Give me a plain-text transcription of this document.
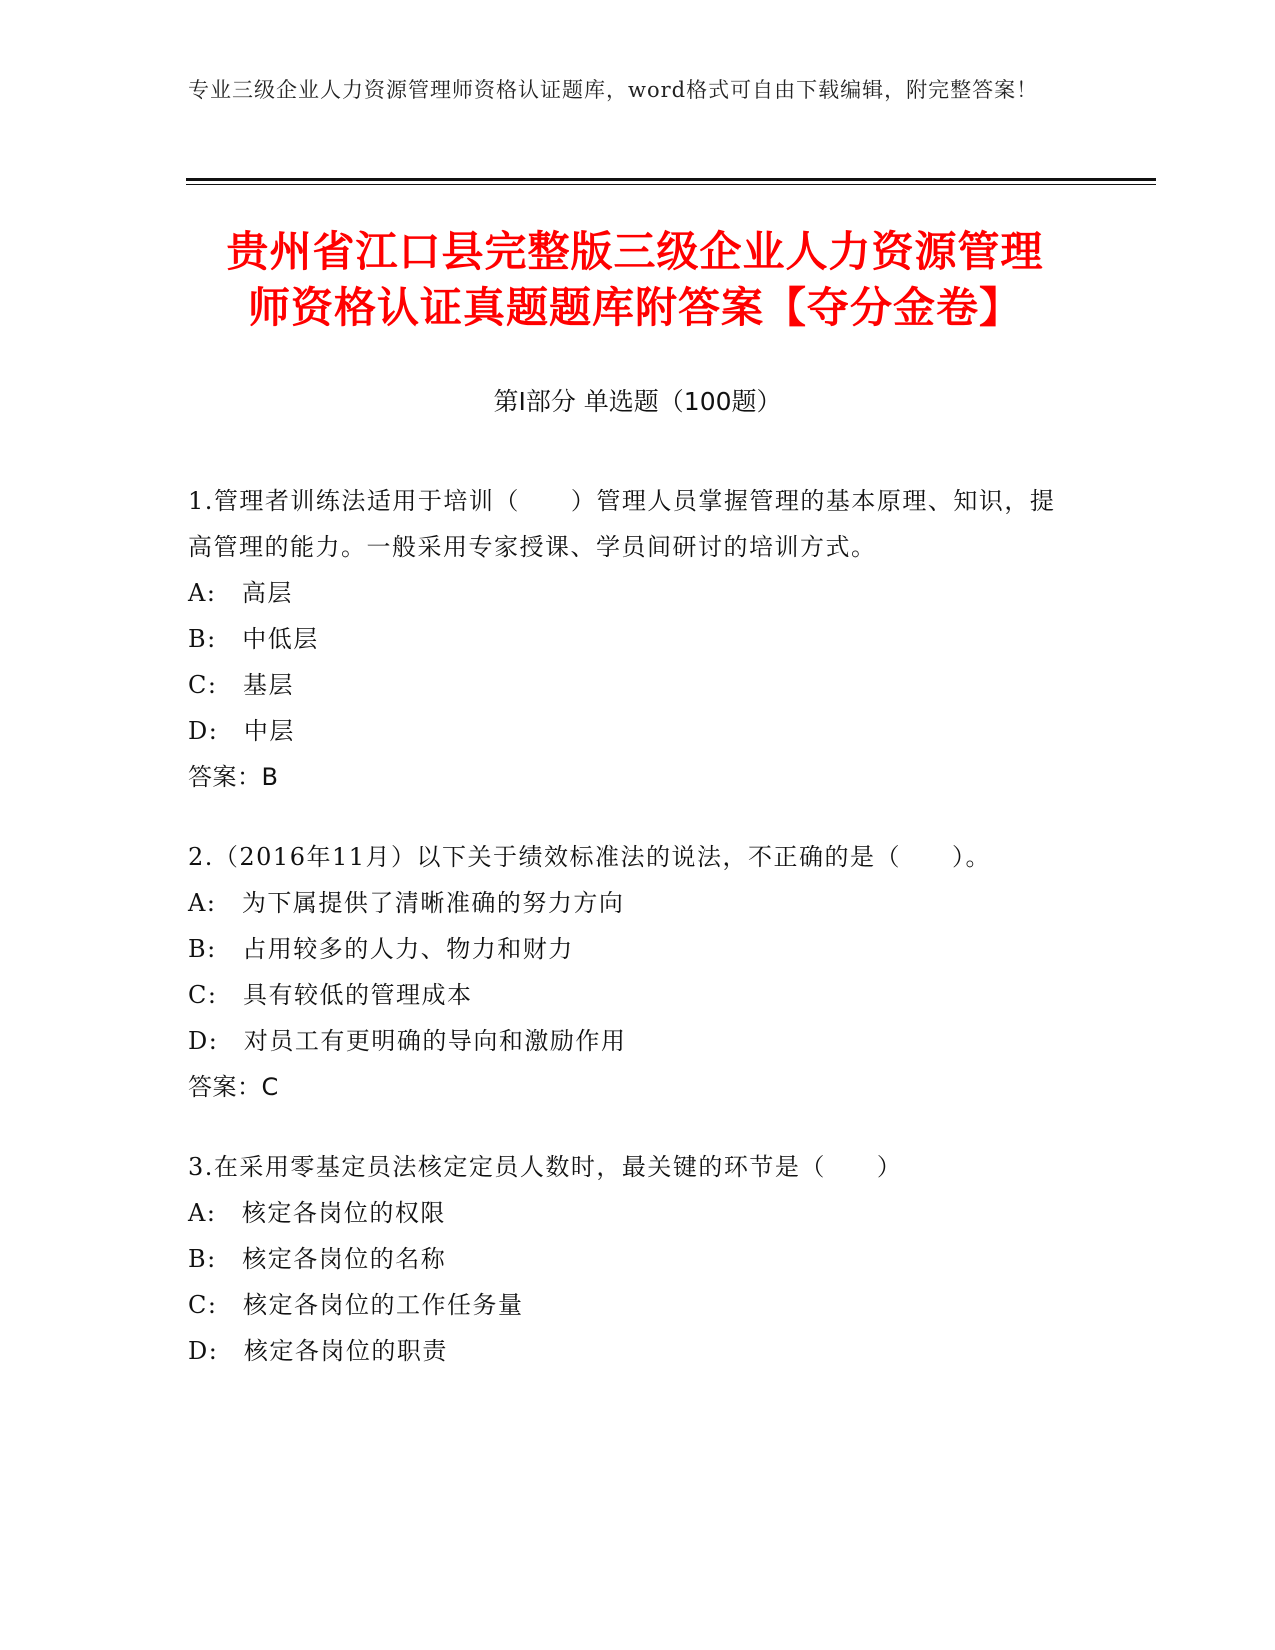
专业三级企业人力资源管理师资格认证题库，word格式可自由下载编辑，附完整答案！
贵州省江口县完整版三级企业人力资源管理
师资格认证真题题库附答案【夺分金卷】
第Ⅰ部分 单选题（100题）
1.管理者训练法适用于培训（　　）管理人员掌握管理的基本原理、知识，提高管理的能力。一般采用专家授课、学员间研讨的培训方式。
A:　高层
B:　中低层
C:　基层
D:　中层
答案：B
2.（2016年11月）以下关于绩效标准法的说法，不正确的是（　　）。
A:　为下属提供了清晰准确的努力方向
B:　占用较多的人力、物力和财力
C:　具有较低的管理成本
D:　对员工有更明确的导向和激励作用
答案：C
3.在采用零基定员法核定定员人数时，最关键的环节是（　　）
A:　核定各岗位的权限
B:　核定各岗位的名称
C:　核定各岗位的工作任务量
D:　核定各岗位的职责
